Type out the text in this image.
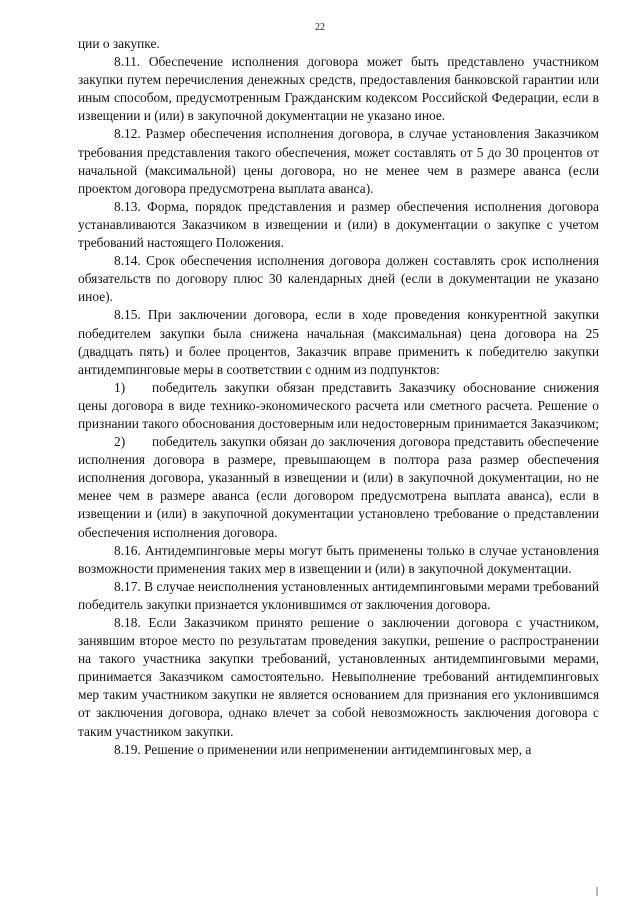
22

ции о закупке.

8.11. Обеспечение исполнения договора может быть представлено участником закупки путем перечисления денежных средств, предоставления банковской гарантии или иным способом, предусмотренным Гражданским кодексом Российской Федерации, если в извещении и (или) в закупочной документации не указано иное.

8.12. Размер обеспечения исполнения договора, в случае установления Заказчиком требования представления такого обеспечения, может составлять от 5 до 30 процентов от начальной (максимальной) цены договора, но не менее чем в размере аванса (если проектом договора предусмотрена выплата аванса).

8.13. Форма, порядок представления и размер обеспечения исполнения договора устанавливаются Заказчиком в извещении и (или) в документации о закупке с учетом требований настоящего Положения.

8.14. Срок обеспечения исполнения договора должен составлять срок исполнения обязательств по договору плюс 30 календарных дней (если в документации не указано иное).

8.15. При заключении договора, если в ходе проведения конкурентной закупки победителем закупки была снижена начальная (максимальная) цена договора на 25 (двадцать пять) и более процентов, Заказчик вправе применить к победителю закупки антидемпинговые меры в соответствии с одним из подпунктов:

1) победитель закупки обязан представить Заказчику обоснование снижения цены договора в виде технико-экономического расчета или сметного расчета. Решение о признании такого обоснования достоверным или недостоверным принимается Заказчиком;

2) победитель закупки обязан до заключения договора представить обеспечение исполнения договора в размере, превышающем в полтора раза размер обеспечения исполнения договора, указанный в извещении и (или) в закупочной документации, но не менее чем в размере аванса (если договором предусмотрена выплата аванса), если в извещении и (или) в закупочной документации установлено требование о представлении обеспечения исполнения договора.

8.16. Антидемпинговые меры могут быть применены только в случае установления возможности применения таких мер в извещении и (или) в закупочной документации.

8.17. В случае неисполнения установленных антидемпинговыми мерами требований победитель закупки признается уклонившимся от заключения договора.

8.18. Если Заказчиком принято решение о заключении договора с участником, занявшим второе место по результатам проведения закупки, решение о распространении на такого участника закупки требований, установленных антидемпинговыми мерами, принимается Заказчиком самостоятельно. Невыполнение требований антидемпинговых мер таким участником закупки не является основанием для признания его уклонившимся от заключения договора, однако влечет за собой невозможность заключения договора с таким участником закупки.

8.19. Решение о применении или неприменении антидемпинговых мер, а
